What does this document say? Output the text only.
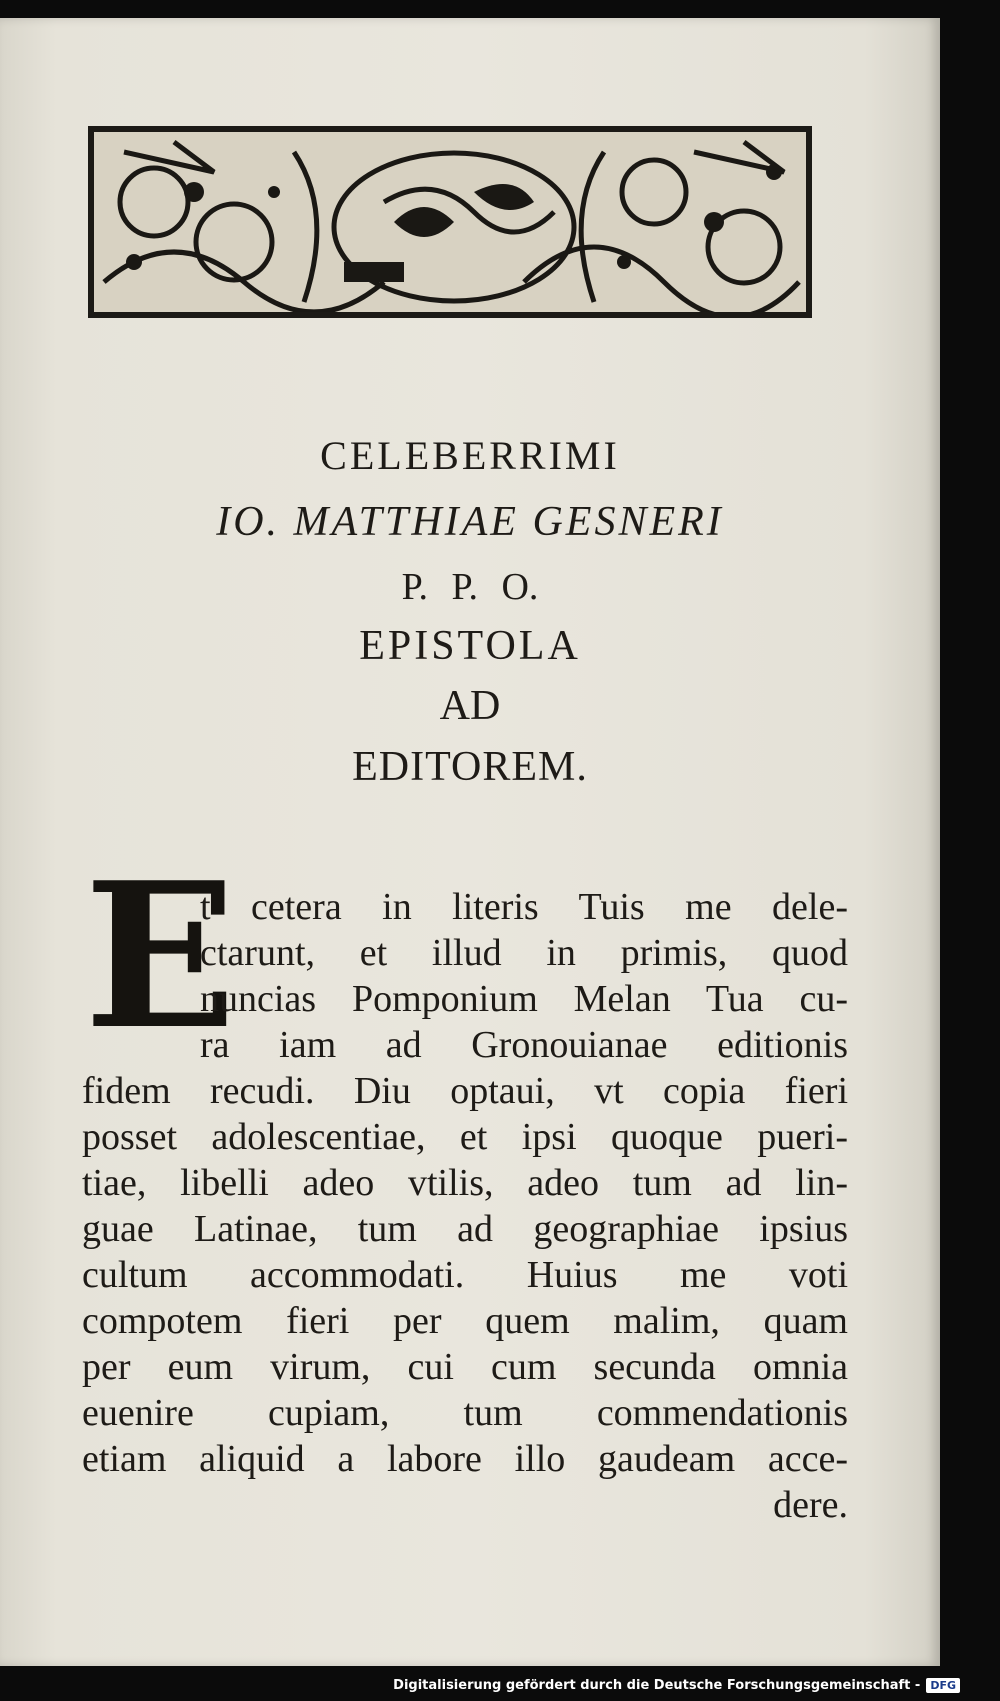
CELEBERRIMI
IO. MATTHIAE GESNERI
P. P. O.
EPISTOLA
AD
EDITOREM.
E
t cetera in literis Tuis me dele-
ctarunt, et illud in primis, quod
nuncias Pomponium Melan Tua cu-
ra iam ad Gronouianae editionis
fidem recudi. Diu optaui, vt copia fieri
posset adolescentiae, et ipsi quoque pueri-
tiae, libelli adeo vtilis, adeo tum ad lin-
guae Latinae, tum ad geographiae ipsius
cultum accommodati. Huius me voti
compotem fieri per quem malim, quam
per eum virum, cui cum secunda omnia
euenire cupiam, tum commendationis
etiam aliquid a labore illo gaudeam acce-
dere.
Digitalisierung gefördert durch die Deutsche Forschungsgemeinschaft - DFG
